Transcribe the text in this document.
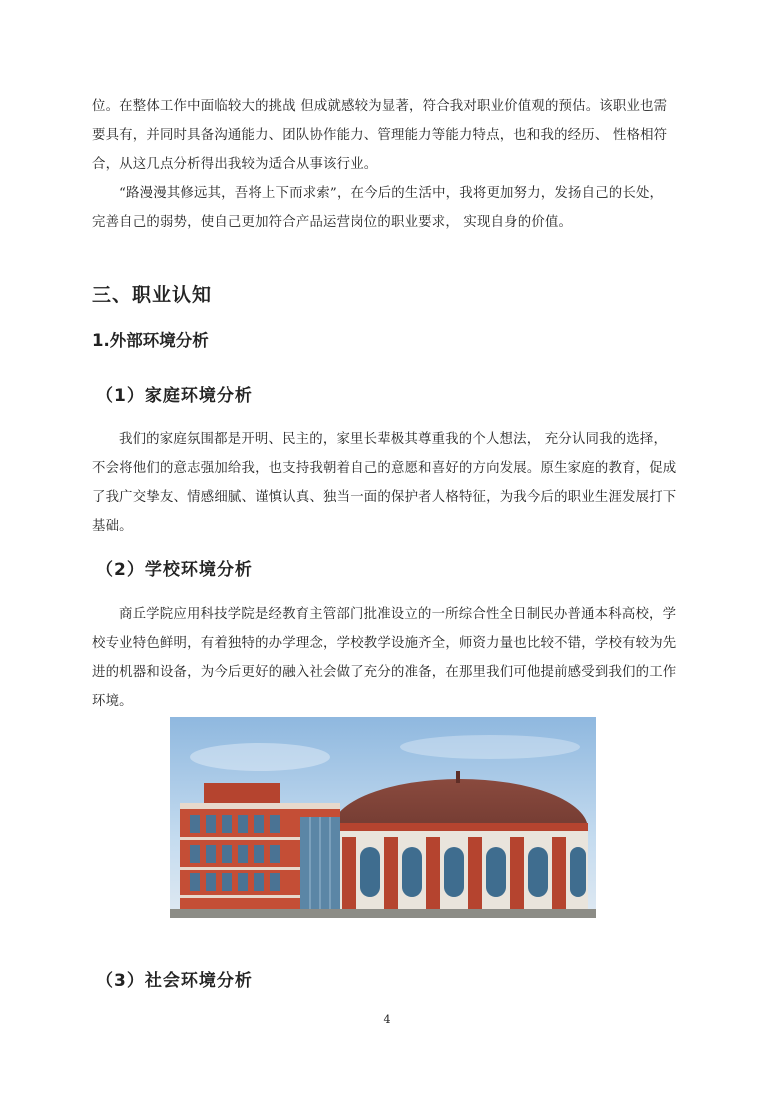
位。在整体工作中面临较大的挑战 但成就感较为显著，符合我对职业价值观的预估。该职业也需
要具有，并同时具备沟通能力、团队协作能力、管理能力等能力特点，也和我的经历、 性格相符
合，从这几点分析得出我较为适合从事该行业。
“路漫漫其修远其，吾将上下而求索”，在今后的生活中，我将更加努力，发扬自己的长处，
完善自己的弱势，使自己更加符合产品运营岗位的职业要求， 实现自身的价值。
三、职业认知
1.外部环境分析
（1）家庭环境分析
我们的家庭氛围都是开明、民主的，家里长辈极其尊重我的个人想法， 充分认同我的选择，
不会将他们的意志强加给我，也支持我朝着自己的意愿和喜好的方向发展。原生家庭的教育，促成
了我广交挚友、情感细腻、谨慎认真、独当一面的保护者人格特征，为我今后的职业生涯发展打下
基础。
（2）学校环境分析
商丘学院应用科技学院是经教育主管部门批准设立的一所综合性全日制民办普通本科高校，学
校专业特色鲜明，有着独特的办学理念，学校教学设施齐全，师资力量也比较不错，学校有较为先
进的机器和设备，为今后更好的融入社会做了充分的准备，在那里我们可他提前感受到我们的工作
环境。
（3）社会环境分析
4
